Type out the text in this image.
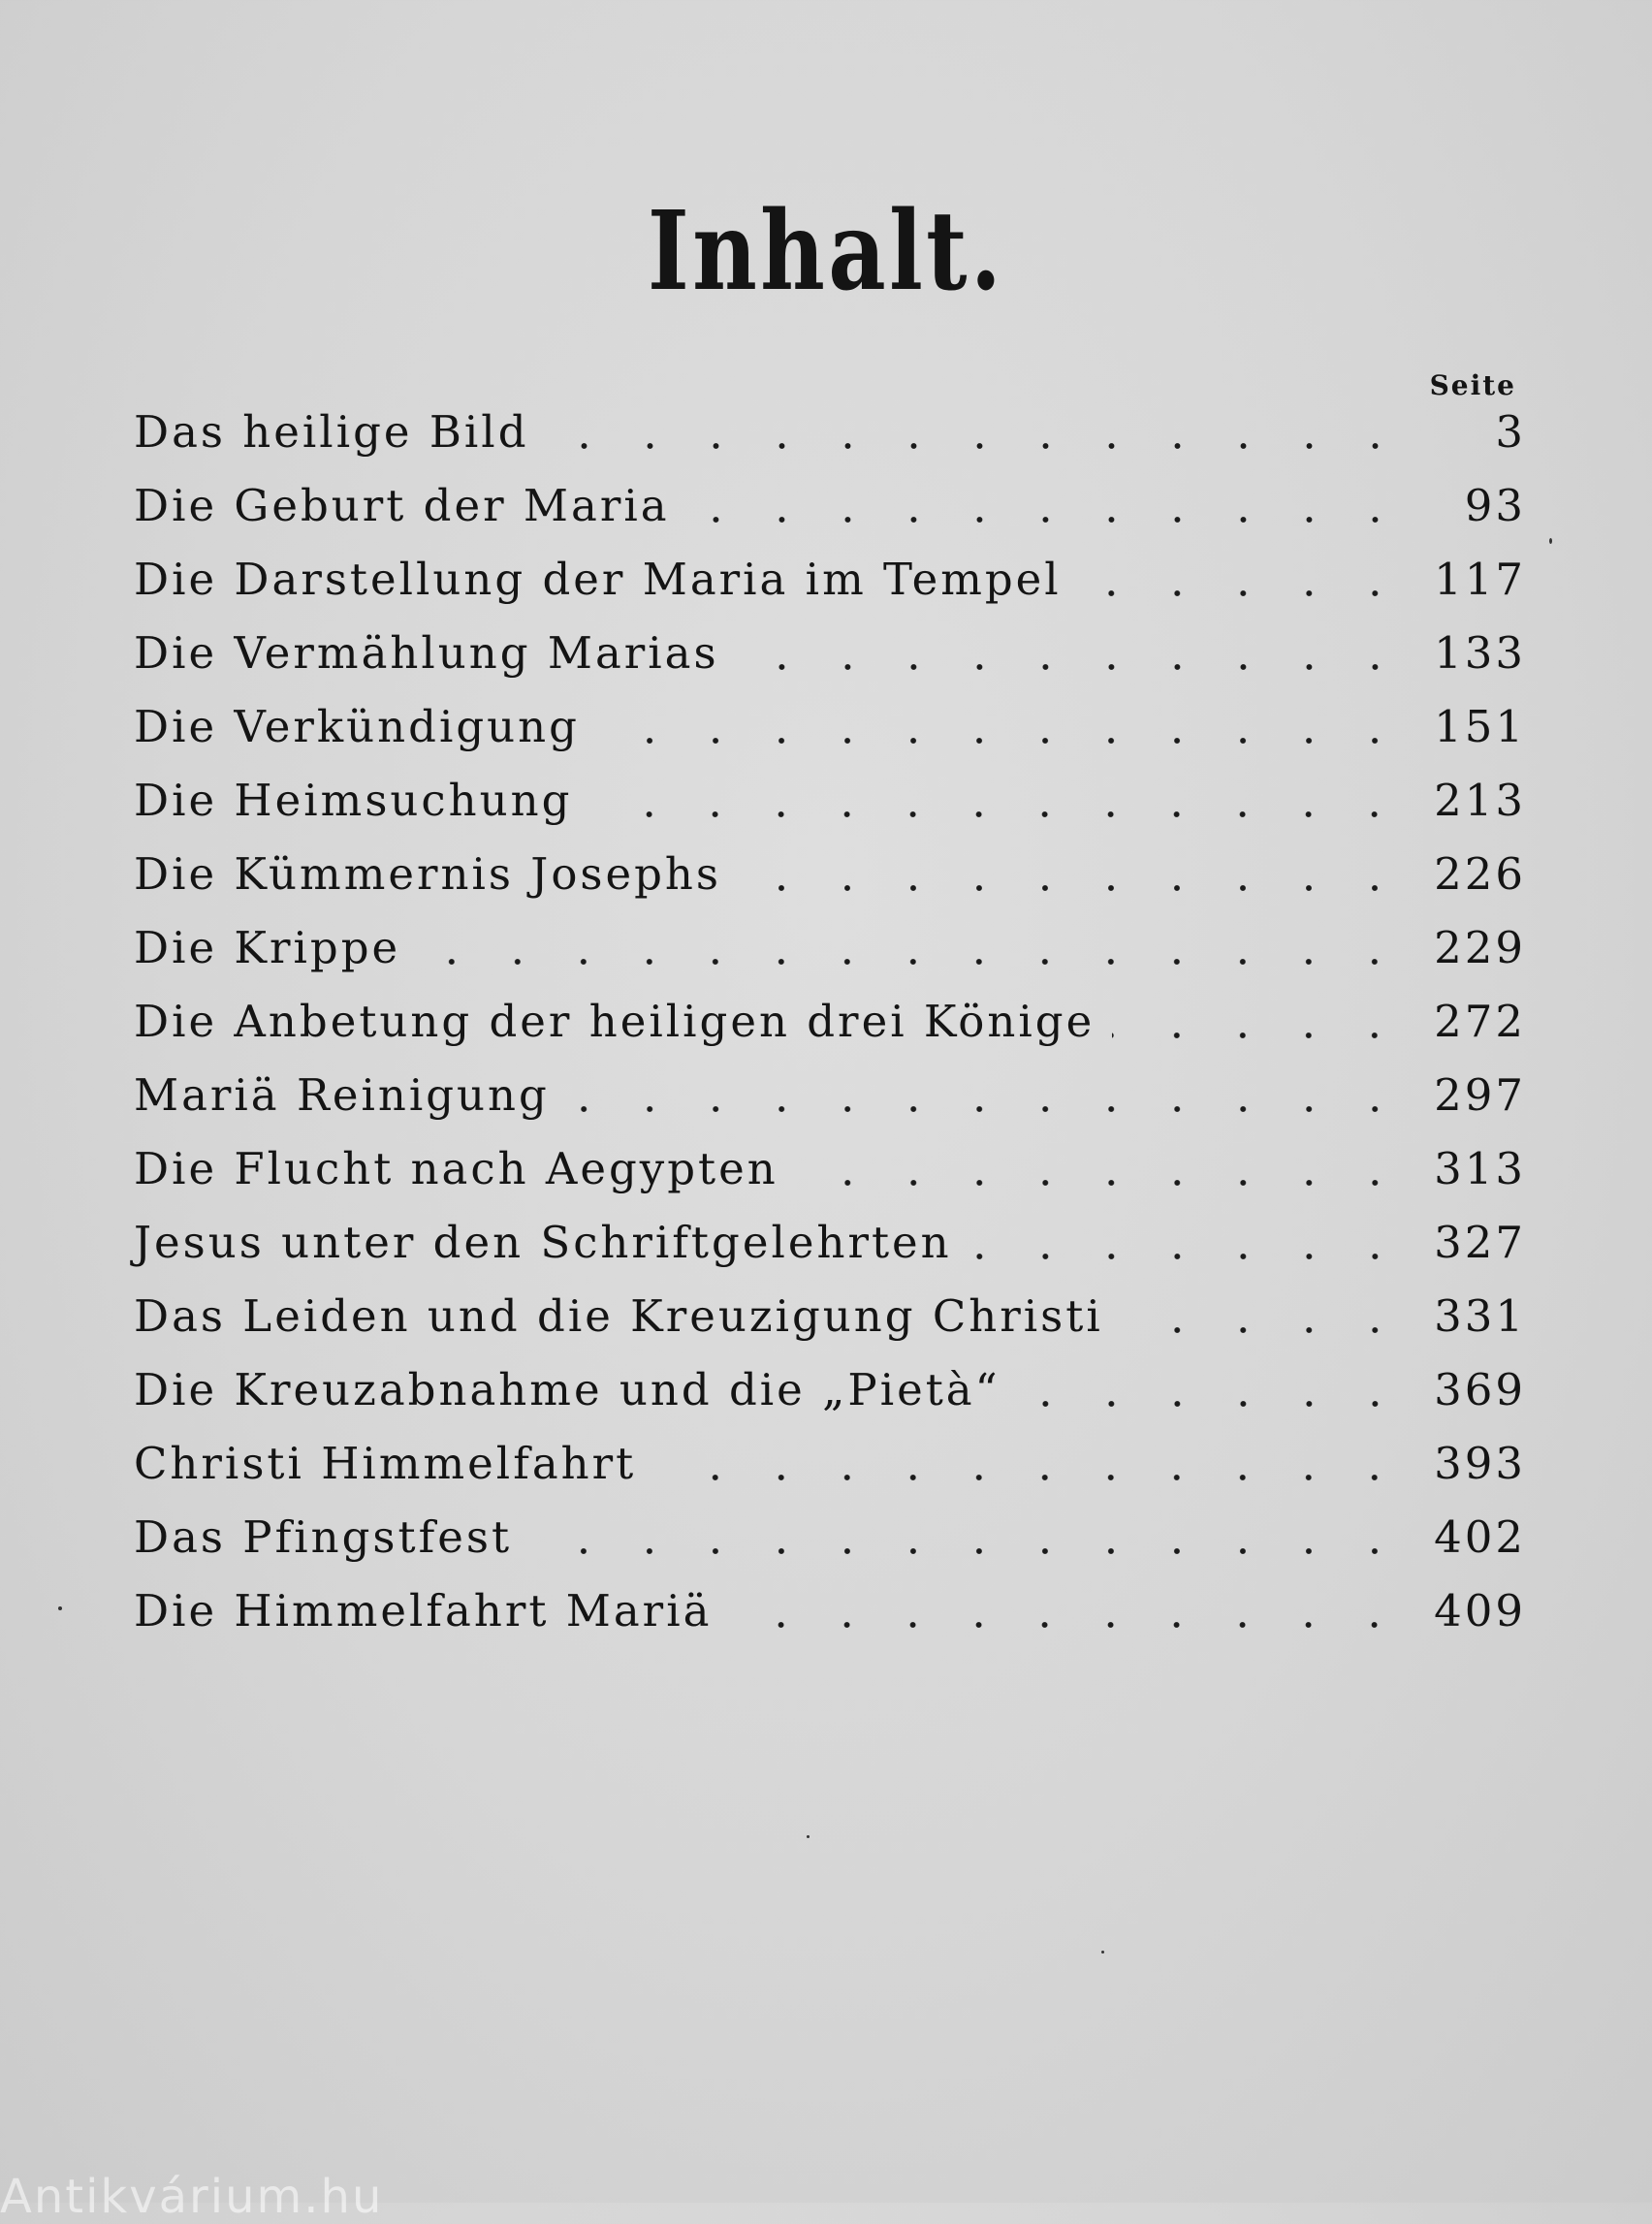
Inhalt.
Seite
Das heilige Bild	3
Die Geburt der Maria	93
Die Darstellung der Maria im Tempel	117
Die Vermählung Marias	133
Die Verkündigung	151
Die Heimsuchung	213
Die Kümmernis Josephs	226
Die Krippe	229
Die Anbetung der heiligen drei Könige	272
Mariä Reinigung	297
Die Flucht nach Aegypten	313
Jesus unter den Schriftgelehrten	327
Das Leiden und die Kreuzigung Christi	331
Die Kreuzabnahme und die „Pietà“	369
Christi Himmelfahrt	393
Das Pfingstfest	402
Die Himmelfahrt Mariä	409
Antikvárium.hu
